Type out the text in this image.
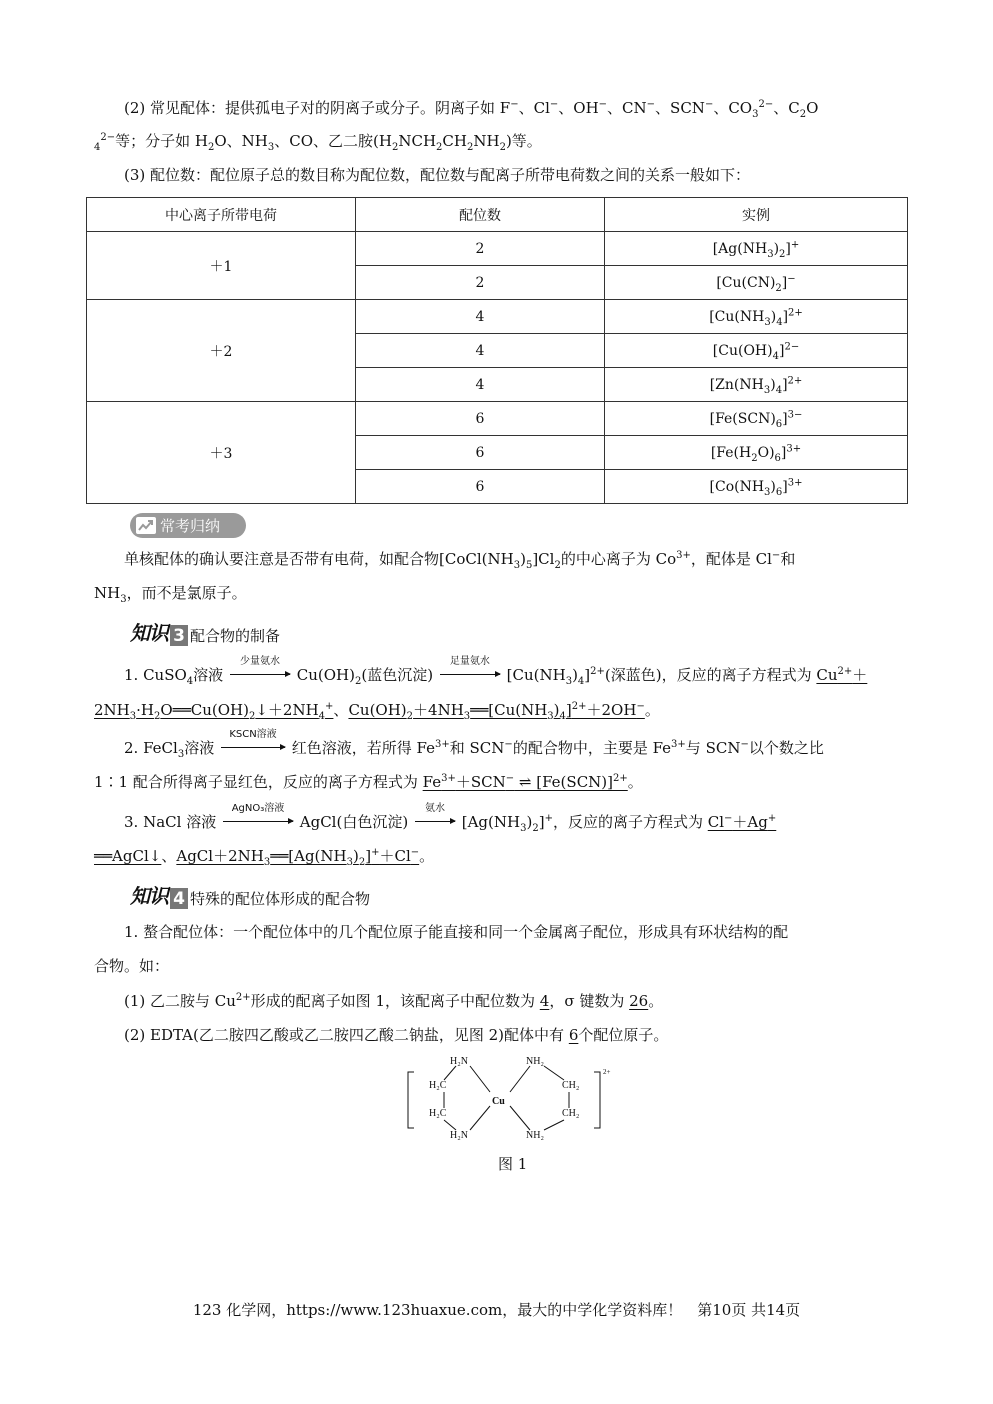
(2) 常见配体：提供孤电子对的阴离子或分子。阴离子如 F−、Cl−、OH−、CN−、SCN−、$CO_3^{2-}$、$C_2O$
$_4^{2-}$等；分子如 $H_2O$、$NH_3$、CO、乙二胺$(H_2NCH_2CH_2NH_2)$等。
(3) 配位数：配位原子总的数目称为配位数，配位数与配离子所带电荷数之间的关系一般如下：
中心离子所带电荷	配位数	实例
＋1	2	$[Ag(NH_3)_2]^+$
	2	$[Cu(CN)_2]^-$
＋2	4	$[Cu(NH_3)_4]^{2+}$
	4	$[Cu(OH)_4]^{2-}$
	4	$[Zn(NH_3)_4]^{2+}$
＋3	6	$[Fe(SCN)_6]^{3-}$
	6	$[Fe(H_2O)_6]^{3+}$
	6	$[Co(NH_3)_6]^{3+}$
常考归纳
单核配体的确认要注意是否带有电荷，如配合物$[CoCl(NH_3)_5]Cl_2$的中心离子为 $Co^{3+}$，配体是 Cl−和
$NH_3$，而不是氯原子。
知识 3 配合物的制备
1. CuSO$_4$溶液
少量氨水
$Cu(OH)_2$(蓝色沉淀)
足量氨水
$[Cu(NH_3)_4]^{2+}$(深蓝色)，反应的离子方程式为 $Cu^{2+}+$
$2NH_3\cdot H_2O══Cu(OH)_2↓+2NH_4^+$、$Cu(OH)_2+4NH_3══[Cu(NH_3)_4]^{2+}+2OH^-$。
2. FeCl$_3$溶液
KSCN溶液
红色溶液，若所得 $Fe^{3+}$和 SCN−的配合物中，主要是 $Fe^{3+}$与 SCN−以个数之比
1∶1 配合所得离子显红色，反应的离子方程式为 $Fe^{3+}+SCN^-$ ⇌ $[Fe(SCN)]^{2+}$。
3. NaCl 溶液
AgNO₃溶液
AgCl(白色沉淀)
氨水
$[Ag(NH_3)_2]^+$，反应的离子方程式为 Cl−＋Ag+
══AgCl↓、$AgCl+2NH_3══[Ag(NH_3)_2]^++Cl^-$。
知识 4 特殊的配位体形成的配合物
1. 螯合配位体：一个配位体中的几个配位原子能直接和同一个金属离子配位，形成具有环状结构的配
合物。如：
(1) 乙二胺与 $Cu^{2+}$形成的配离子如图 1，该配离子中配位数为 4，σ 键数为 26。
(2) EDTA(乙二胺四乙酸或乙二胺四乙酸二钠盐，见图 2)配体中有 6个配位原子。
2+
H₂N	NH₂
H₂N	NH₂
H₂C
H₂C
CH₂
CH₂
Cu
图 1
123 化学网，https://www.123huaxue.com，最大的中学化学资料库！　第10页 共14页
